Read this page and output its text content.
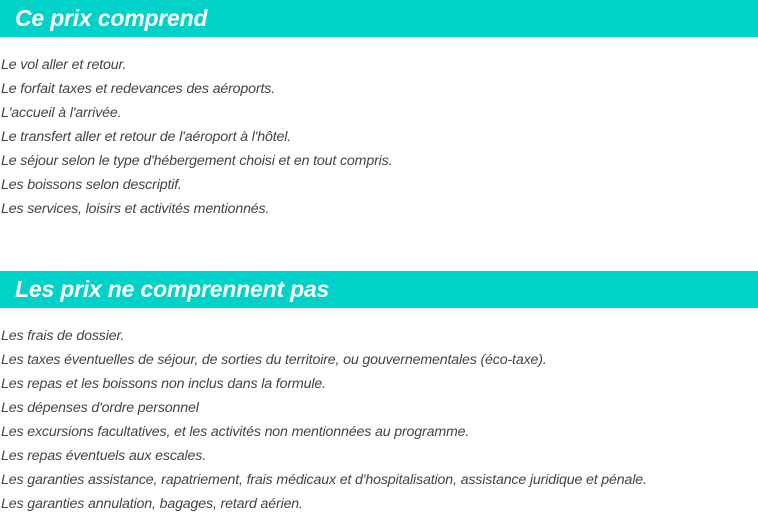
Ce prix comprend
Le vol aller et retour.
Le forfait taxes et redevances des aéroports.
L'accueil à l'arrivée.
Le transfert aller et retour de l'aéroport à l'hôtel.
Le séjour selon le type d'hébergement choisi et en tout compris.
Les boissons selon descriptif.
Les services, loisirs et activités mentionnés.
Les prix ne comprennent pas
Les frais de dossier.
Les taxes éventuelles de séjour, de sorties du territoire, ou gouvernementales (éco-taxe).
Les repas et les boissons non inclus dans la formule.
Les dépenses d'ordre personnel
Les excursions facultatives, et les activités non mentionnées au programme.
Les repas éventuels aux escales.
Les garanties assistance, rapatriement, frais médicaux et d'hospitalisation, assistance juridique et pénale.
Les garanties annulation, bagages, retard aérien.
